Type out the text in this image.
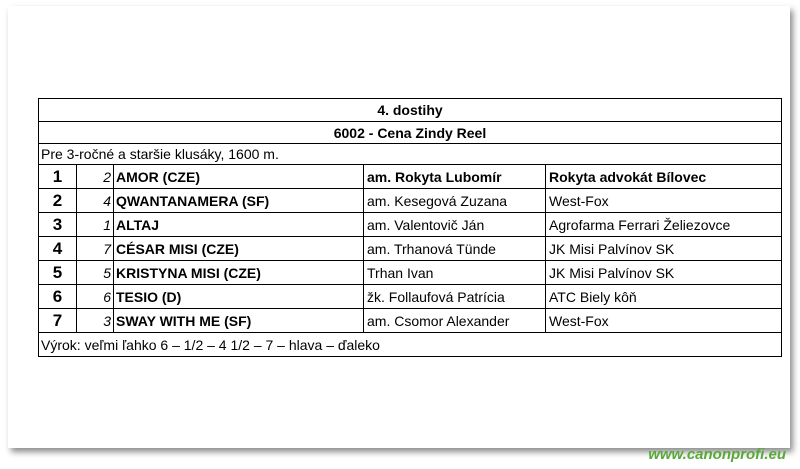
4. dostihy
6002 - Cena Zindy Reel
Pre 3-ročné a staršie klusáky, 1600 m.
1	2 AMOR (CZE)	am. Rokyta Lubomír	Rokyta advokát Bílovec
2	4 QWANTANAMERA (SF)	am. Kesegová Zuzana	West-Fox
3	1 ALTAJ	am. Valentovič Ján	Agrofarma Ferrari Želiezovce
4	7 CÉSAR MISI (CZE)	am. Trhanová Tünde	JK Misi Palvínov SK
5	5 KRISTYNA MISI (CZE)	Trhan Ivan	JK Misi Palvínov SK
6	6 TESIO (D)	žk. Follaufová Patrícia	ATC Biely kôň
7	3 SWAY WITH ME (SF)	am. Csomor Alexander	West-Fox
Výrok: veľmi ľahko 6 – 1/2 – 4 1/2 – 7 – hlava – ďaleko
www.canonprofi.eu
